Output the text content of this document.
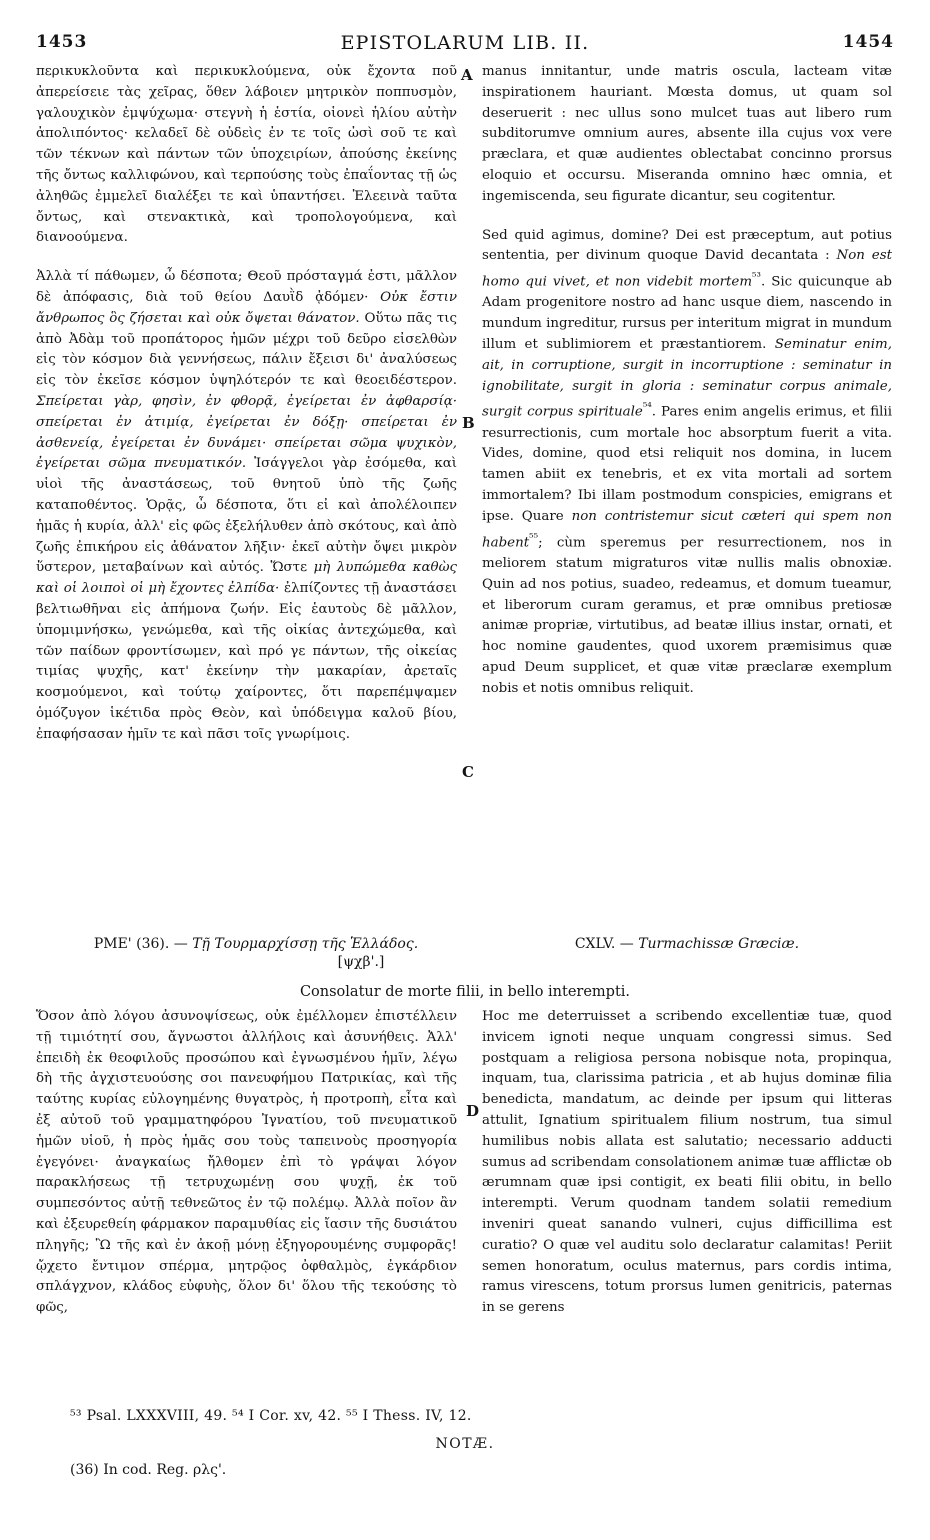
1453	EPISTOLARUM LIB. II.	1454

περικυκλοῦντα καὶ περικυκλούμενα, οὐκ ἔχοντα ποῦ ἀπερείσειε τὰς χεῖρας, ὅθεν λάβοιεν μητρικὸν ποππυσμὸν, γαλουχικὸν ἐμψύχωμα· στεγνὴ ἡ ἑστία, οἱονεὶ ἡλίου αὐτὴν ἀπολιπόντος· κελαδεῖ δὲ οὐδεὶς ἐν τε τοῖς ὠσὶ σοῦ τε καὶ τῶν τέκνων καὶ πάντων τῶν ὑποχειρίων, ἀπούσης ἐκείνης τῆς ὄντως καλλιφώνου, καὶ τερπούσης τοὺς ἐπαΐοντας τῇ ὡς ἀληθῶς ἐμμελεῖ διαλέξει τε καὶ ὑπαντήσει. Ἐλεεινὰ ταῦτα ὄντως, καὶ στενακτικὰ, καὶ τροπολογούμενα, καὶ διανοούμενα.

Ἀλλὰ τί πάθωμεν, ὦ δέσποτα; Θεοῦ πρόσταγμά ἐστι, μᾶλλον δὲ ἀπόφασις, διὰ τοῦ θείου Δαυῒδ ᾀδόμεν· Οὐκ ἔστιν ἄνθρωπος ὃς ζήσεται καὶ οὐκ ὄψεται θάνατον. Οὕτω πᾶς τις ἀπὸ Ἀδὰμ τοῦ προπάτορος ἡμῶν μέχρι τοῦ δεῦρο εἰσελθὼν εἰς τὸν κόσμον διὰ γεννήσεως, πάλιν ἔξεισι δι' ἀναλύσεως εἰς τὸν ἐκεῖσε κόσμον ὑψηλότερόν τε καὶ θεοειδέστερον. Σπείρεται γὰρ, φησὶν, ἐν φθορᾷ, ἐγείρεται ἐν ἀφθαρσίᾳ· σπείρεται ἐν ἀτιμίᾳ, ἐγείρεται ἐν δόξῃ· σπείρεται ἐν ἀσθενείᾳ, ἐγείρεται ἐν δυνάμει· σπείρεται σῶμα ψυχικὸν, ἐγείρεται σῶμα πνευματικόν. Ἰσάγγελοι γὰρ ἐσόμεθα, καὶ υἱοὶ τῆς ἀναστάσεως, τοῦ θνητοῦ ὑπὸ τῆς ζωῆς καταποθέντος. Ὁρᾷς, ὦ δέσποτα, ὅτι εἰ καὶ ἀπολέλοιπεν ἡμᾶς ἡ κυρία, ἀλλ' εἰς φῶς ἐξελήλυθεν ἀπὸ σκότους, καὶ ἀπὸ ζωῆς ἐπικήρου εἰς ἀθάνατον λῆξιν· ἐκεῖ αὐτὴν ὄψει μικρὸν ὕστερον, μεταβαίνων καὶ αὐτός. Ὥστε μὴ λυπώμεθα καθὼς καὶ οἱ λοιποὶ οἱ μὴ ἔχοντες ἐλπίδα· ἐλπίζοντες τῇ ἀναστάσει βελτιωθῆναι εἰς ἀπήμονα ζωήν. Εἰς ἑαυτοὺς δὲ μᾶλλον, ὑπομιμνήσκω, γενώμεθα, καὶ τῆς οἰκίας ἀντεχώμεθα, καὶ τῶν παίδων φροντίσωμεν, καὶ πρό γε πάντων, τῆς οἰκείας τιμίας ψυχῆς, κατ' ἐκείνην τὴν μακαρίαν, ἀρεταῖς κοσμούμενοι, καὶ τούτῳ χαίροντες, ὅτι παρεπέμψαμεν ὁμόζυγον ἱκέτιδα πρὸς Θεὸν, καὶ ὑπόδειγμα καλοῦ βίου, ἐπαφήσασαν ἡμῖν τε καὶ πᾶσι τοῖς γνωρίμοις.

manus innitantur, unde matris oscula, lacteam vitæ inspirationem hauriant. Mœsta domus, ut quam sol deseruerit : nec ullus sono mulcet tuas aut libero rum subditorumve omnium aures, absente illa cujus vox vere præclara, et quæ audientes oblectabat concinno prorsus eloquio et occursu. Miseranda omnino hæc omnia, et ingemiscenda, seu figurate dicantur, seu cogitentur.

Sed quid agimus, domine? Dei est præceptum, aut potius sententia, per divinum quoque David decantata : Non est homo qui vivet, et non videbit mortem$^{^{53}}$. Sic quicunque ab Adam progenitore nostro ad hanc usque diem, nascendo in mundum ingreditur, rursus per interitum migrat in mundum illum et sublimiorem et præstantiorem. Seminatur enim, ait, in corruptione, surgit in incorruptione : seminatur in ignobilitate, surgit in gloria : seminatur corpus animale, surgit corpus spirituale$^{^{54}}$. Pares enim angelis erimus, et filii resurrectionis, cum mortale hoc absorptum fuerit a vita. Vides, domine, quod etsi reliquit nos domina, in lucem tamen abiit ex tenebris, et ex vita mortali ad sortem immortalem? Ibi illam postmodum conspicies, emigrans et ipse. Quare non contristemur sicut cæteri qui spem non habent$^{^{55}}$; cùm speremus per resurrectionem, nos in meliorem statum migraturos vitæ nullis malis obnoxiæ. Quin ad nos potius, suadeo, redeamus, et domum tueamur, et liberorum curam geramus, et præ omnibus pretiosæ animæ propriæ, virtutibus, ad beatæ illius instar, ornati, et hoc nomine gaudentes, quod uxorem præmisimus quæ apud Deum supplicet, et quæ vitæ præclaræ exemplum nobis et notis omnibus reliquit.

A
B
C
D
ΡΜΕ' (36). — Τῇ Τουρμαρχίσσῃ τῆς Ἑλλάδος.
[ψχβ'.]
CXLV. — Turmachissæ Græciæ.
Consolatur de morte filii, in bello interempti.

Ὅσον ἀπὸ λόγου ἀσυνοψίσεως, οὐκ ἐμέλλομεν ἐπιστέλλειν τῇ τιμιότητί σου, ἄγνωστοι ἀλλήλοις καὶ ἀσυνήθεις. Ἀλλ' ἐπειδὴ ἐκ θεοφιλοῦς προσώπου καὶ ἐγνωσμένου ἡμῖν, λέγω δὴ τῆς ἀγχιστευούσης σοι πανευφήμου Πατρικίας, καὶ τῆς ταύτης κυρίας εὐλογημένης θυγατρὸς, ἡ προτροπὴ, εἶτα καὶ ἐξ αὐτοῦ τοῦ γραμματηφόρου Ἰγνατίου, τοῦ πνευματικοῦ ἡμῶν υἱοῦ, ἡ πρὸς ἡμᾶς σου τοὺς ταπεινοὺς προσηγορία ἐγεγόνει· ἀναγκαίως ἤλθομεν ἐπὶ τὸ γράψαι λόγον παρακλήσεως τῇ τετρυχωμένῃ σου ψυχῇ, ἐκ τοῦ συμπεσόντος αὐτῇ τεθνεῶτος ἐν τῷ πολέμῳ. Ἀλλὰ ποῖον ἂν καὶ ἐξευρεθείη φάρμακον παραμυθίας εἰς ἴασιν τῆς δυσιάτου πληγῆς; Ὢ τῆς καὶ ἐν ἀκοῇ μόνῃ ἐξηγορουμένης συμφορᾶς! ᾤχετο ἔντιμον σπέρμα, μητρῷος ὀφθαλμὸς, ἐγκάρδιον σπλάγχνον, κλάδος εὐφυὴς, ὅλον δι' ὅλου τῆς τεκούσης τὸ φῶς,

Hoc me deterruisset a scribendo excellentiæ tuæ, quod invicem ignoti neque unquam congressi simus. Sed postquam a religiosa persona nobisque nota, propinqua, inquam, tua, clarissima patricia , et ab hujus dominæ filia benedicta, mandatum, ac deinde per ipsum qui litteras attulit, Ignatium spiritualem filium nostrum, tua simul humilibus nobis allata est salutatio; necessario adducti sumus ad scribendam consolationem animæ tuæ afflictæ ob ærumnam quæ ipsi contigit, ex beati filii obitu, in bello interempti. Verum quodnam tandem solatii remedium inveniri queat sanando vulneri, cujus difficillima est curatio? O quæ vel auditu solo declaratur calamitas! Periit semen honoratum, oculus maternus, pars cordis intima, ramus virescens, totum prorsus lumen genitricis, paternas in se gerens

⁵³ Psal. LXXXVIII, 49. ⁵⁴ I Cor. xv, 42. ⁵⁵ I Thess. IV, 12.
NOTÆ.
(36) In cod. Reg. ρλς'.
